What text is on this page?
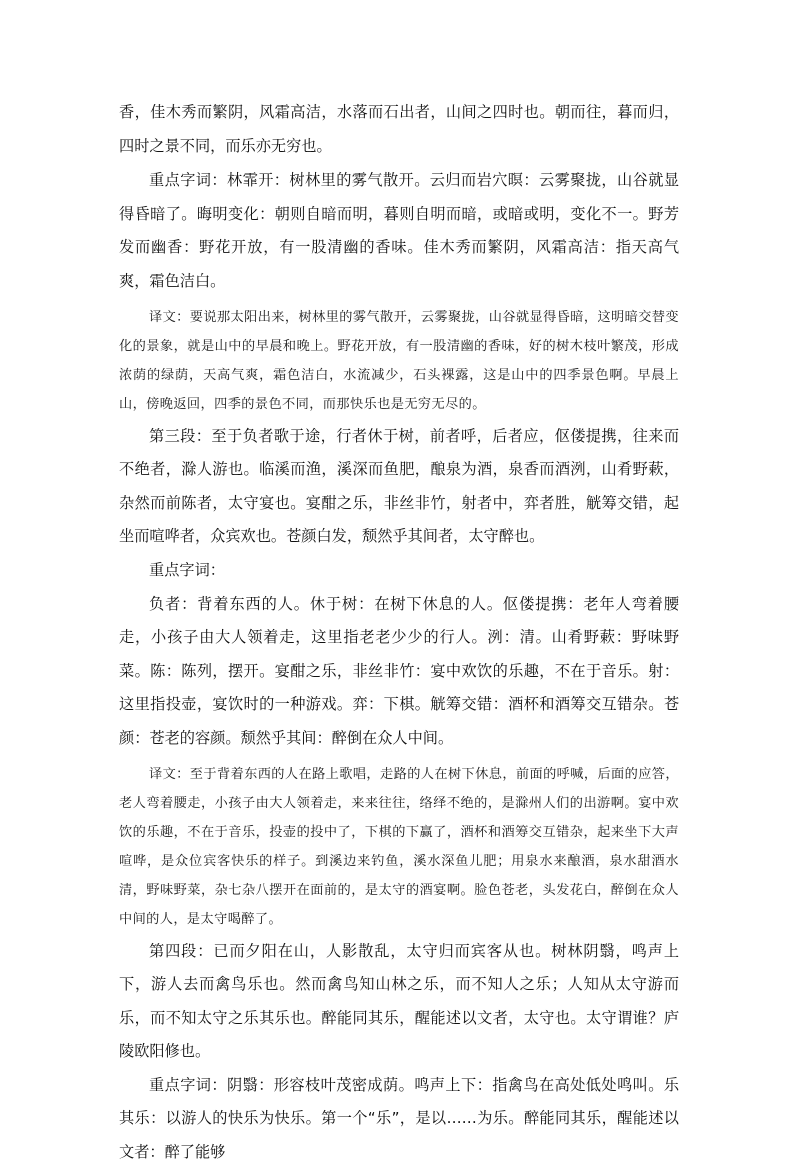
香，佳木秀而繁阴，风霜高洁，水落而石出者，山间之四时也。朝而往，暮而归，四时之景不同，而乐亦无穷也。

重点字词：林霏开：树林里的雾气散开。云归而岩穴暝：云雾聚拢，山谷就显得昏暗了。晦明变化：朝则自暗而明，暮则自明而暗，或暗或明，变化不一。野芳发而幽香：野花开放，有一股清幽的香味。佳木秀而繁阴，风霜高洁：指天高气爽，霜色洁白。

译文：要说那太阳出来，树林里的雾气散开，云雾聚拢，山谷就显得昏暗，这明暗交替变化的景象，就是山中的早晨和晚上。野花开放，有一股清幽的香味，好的树木枝叶繁茂，形成浓荫的绿荫，天高气爽，霜色洁白，水流减少，石头裸露，这是山中的四季景色啊。早晨上山，傍晚返回，四季的景色不同，而那快乐也是无穷无尽的。

第三段：至于负者歌于途，行者休于树，前者呼，后者应，伛偻提携，往来而不绝者，滁人游也。临溪而渔，溪深而鱼肥，酿泉为酒，泉香而酒洌，山肴野蔌，杂然而前陈者，太守宴也。宴酣之乐，非丝非竹，射者中，弈者胜，觥筹交错，起坐而喧哗者，众宾欢也。苍颜白发，颓然乎其间者，太守醉也。

重点字词：

负者：背着东西的人。休于树：在树下休息的人。伛偻提携：老年人弯着腰走，小孩子由大人领着走，这里指老老少少的行人。洌：清。山肴野蔌：野味野菜。陈：陈列，摆开。宴酣之乐，非丝非竹：宴中欢饮的乐趣，不在于音乐。射：这里指投壶，宴饮时的一种游戏。弈：下棋。觥筹交错：酒杯和酒筹交互错杂。苍颜：苍老的容颜。颓然乎其间：醉倒在众人中间。

译文：至于背着东西的人在路上歌唱，走路的人在树下休息，前面的呼喊，后面的应答，老人弯着腰走，小孩子由大人领着走，来来往往，络绎不绝的，是滁州人们的出游啊。宴中欢饮的乐趣，不在于音乐，投壶的投中了，下棋的下赢了，酒杯和酒筹交互错杂，起来坐下大声喧哗，是众位宾客快乐的样子。到溪边来钓鱼，溪水深鱼儿肥；用泉水来酿酒，泉水甜酒水清，野味野菜，杂七杂八摆开在面前的，是太守的酒宴啊。脸色苍老，头发花白，醉倒在众人中间的人，是太守喝醉了。

第四段：已而夕阳在山，人影散乱，太守归而宾客从也。树林阴翳，鸣声上下，游人去而禽鸟乐也。然而禽鸟知山林之乐，而不知人之乐；人知从太守游而乐，而不知太守之乐其乐也。醉能同其乐，醒能述以文者，太守也。太守谓谁？庐陵欧阳修也。

重点字词：阴翳：形容枝叶茂密成荫。鸣声上下：指禽鸟在高处低处鸣叫。乐其乐：以游人的快乐为快乐。第一个“乐”，是以……为乐。醉能同其乐，醒能述以文者：醉了能够
